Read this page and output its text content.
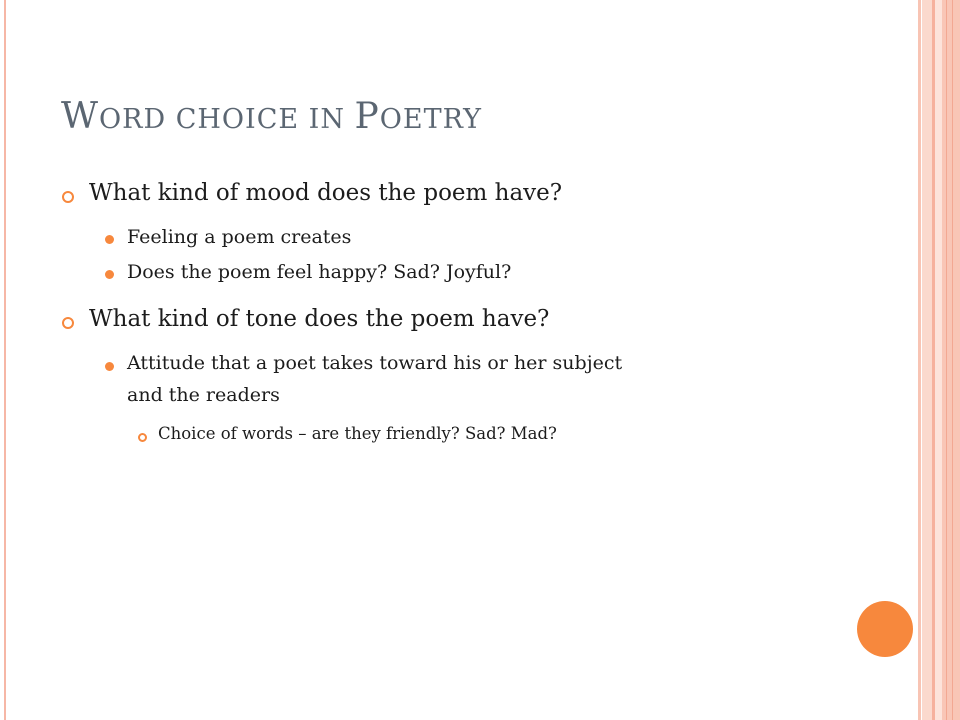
WORD CHOICE IN POETRY
What kind of mood does the poem have?
Feeling a poem creates
Does the poem feel happy? Sad? Joyful?
What kind of tone does the poem have?
Attitude that a poet takes toward his or her subject
and the readers
Choice of words – are they friendly? Sad? Mad?
